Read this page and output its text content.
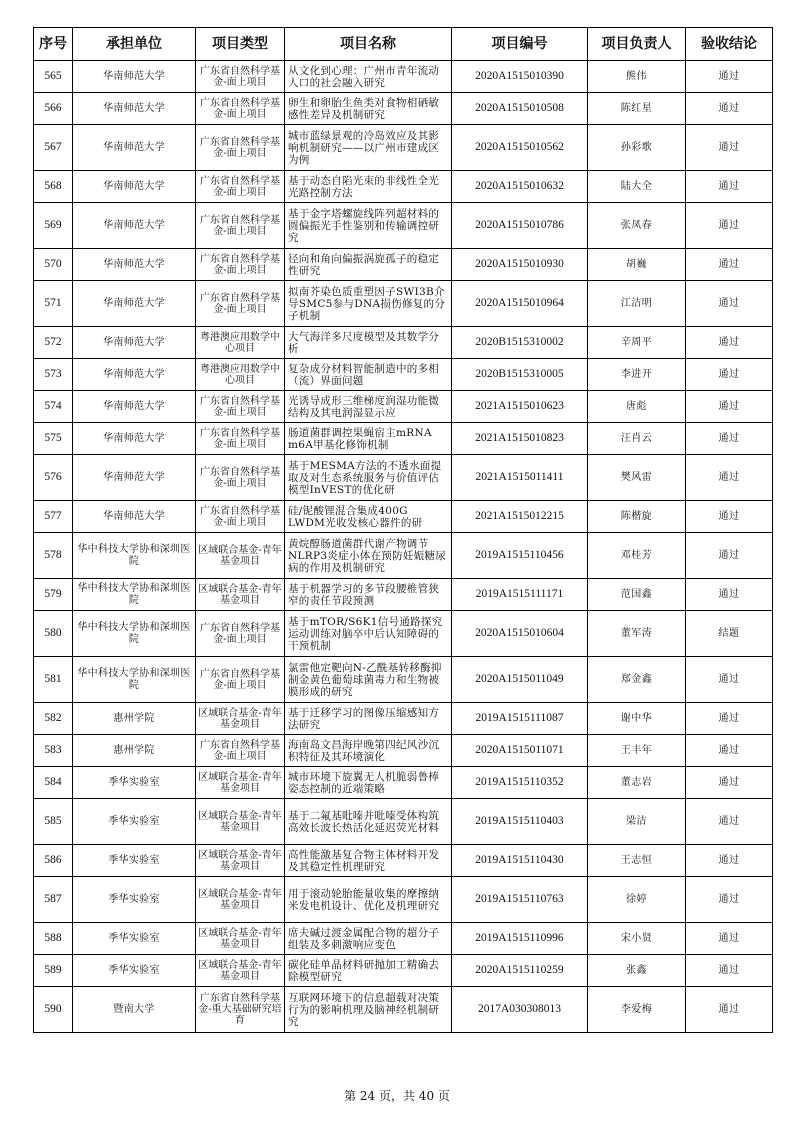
序号	承担单位	项目类型	项目名称	项目编号	项目负责人	验收结论
565	华南师范大学	广东省自然科学基金-面上项目	从文化到心理：广州市青年流动人口的社会融入研究	2020A1515010390	熊伟	通过
566	华南师范大学	广东省自然科学基金-面上项目	卵生和卵胎生鱼类对食物相硒敏感性差异及机制研究	2020A1515010508	陈红星	通过
567	华南师范大学	广东省自然科学基金-面上项目	城市蓝绿景观的冷岛效应及其影响机制研究——以广州市建成区为例	2020A1515010562	孙彩歌	通过
568	华南师范大学	广东省自然科学基金-面上项目	基于动态自陷光束的非线性全光光路控制方法	2020A1515010632	陆大全	通过
569	华南师范大学	广东省自然科学基金-面上项目	基于金字塔螺旋线阵列超材料的圆偏振光手性鉴别和传输调控研究	2020A1515010786	张凤春	通过
570	华南师范大学	广东省自然科学基金-面上项目	径向和角向偏振涡旋孤子的稳定性研究	2020A1515010930	胡巍	通过
571	华南师范大学	广东省自然科学基金-面上项目	拟南芥染色质重塑因子SWI3B介导SMC5参与DNA损伤修复的分子机制	2020A1515010964	江洁明	通过
572	华南师范大学	粤港澳应用数学中心项目	大气海洋多尺度模型及其数学分析	2020B1515310002	辛周平	通过
573	华南师范大学	粤港澳应用数学中心项目	复杂成分材料智能制造中的多相（流）界面问题	2020B1515310005	李进开	通过
574	华南师范大学	广东省自然科学基金-面上项目	光诱导成形三维梯度润湿功能微结构及其电润湿显示应	2021A1515010623	唐彪	通过
575	华南师范大学	广东省自然科学基金-面上项目	肠道菌群调控果蝇宿主mRNA m6A甲基化修饰机制	2021A1515010823	汪肖云	通过
576	华南师范大学	广东省自然科学基金-面上项目	基于MESMA方法的不透水面提取及对生态系统服务与价值评估模型InVEST的优化研	2021A1515011411	樊风雷	通过
577	华南师范大学	广东省自然科学基金-面上项目	硅/铌酸锂混合集成400G LWDM光收发核心器件的研	2021A1515012215	陈楷旋	通过
578	华中科技大学协和深圳医院	区域联合基金-青年基金项目	黄烷醇肠道菌群代谢产物调节NLRP3炎症小体在预防妊娠糖尿病的作用及机制研究	2019A1515110456	邓桂芳	通过
579	华中科技大学协和深圳医院	区域联合基金-青年基金项目	基于机器学习的多节段腰椎管狭窄的责任节段预测	2019A1515111171	范国鑫	通过
580	华中科技大学协和深圳医院	广东省自然科学基金-面上项目	基于mTOR/S6K1信号通路探究运动训练对脑卒中后认知障碍的干预机制	2020A1515010604	董军涛	结题
581	华中科技大学协和深圳医院	广东省自然科学基金-面上项目	氯雷他定靶向N-乙酰基转移酶抑制金黄色葡萄球菌毒力和生物被膜形成的研究	2020A1515011049	郑金鑫	通过
582	惠州学院	区域联合基金-青年基金项目	基于迁移学习的图像压缩感知方法研究	2019A1515111087	谢中华	通过
583	惠州学院	广东省自然科学基金-面上项目	海南岛文昌海岸晚第四纪风沙沉积特征及其环境演化	2020A1515011071	王丰年	通过
584	季华实验室	区域联合基金-青年基金项目	城市环境下旋翼无人机脆弱鲁棒姿态控制的近端策略	2019A1515110352	董志岩	通过
585	季华实验室	区域联合基金-青年基金项目	基于二氟基吡嗪并吡嗪受体构筑高效长波长热活化延迟荧光材料	2019A1515110403	梁洁	通过
586	季华实验室	区域联合基金-青年基金项目	高性能激基复合物主体材料开发及其稳定性机理研究	2019A1515110430	王志恒	通过
587	季华实验室	区域联合基金-青年基金项目	用于滚动轮胎能量收集的摩擦纳米发电机设计、优化及机理研究	2019A1515110763	徐婷	通过
588	季华实验室	区域联合基金-青年基金项目	席夫碱过渡金属配合物的超分子组装及多刺激响应变色	2019A1515110996	宋小贤	通过
589	季华实验室	区域联合基金-青年基金项目	碳化硅单晶材料研抛加工精确去除模型研究	2020A1515110259	张鑫	通过
590	暨南大学	广东省自然科学基金-重大基础研究培育	互联网环境下的信息超载对决策行为的影响机理及脑神经机制研究	2017A030308013	李爱梅	通过
第 24 页，共 40 页
